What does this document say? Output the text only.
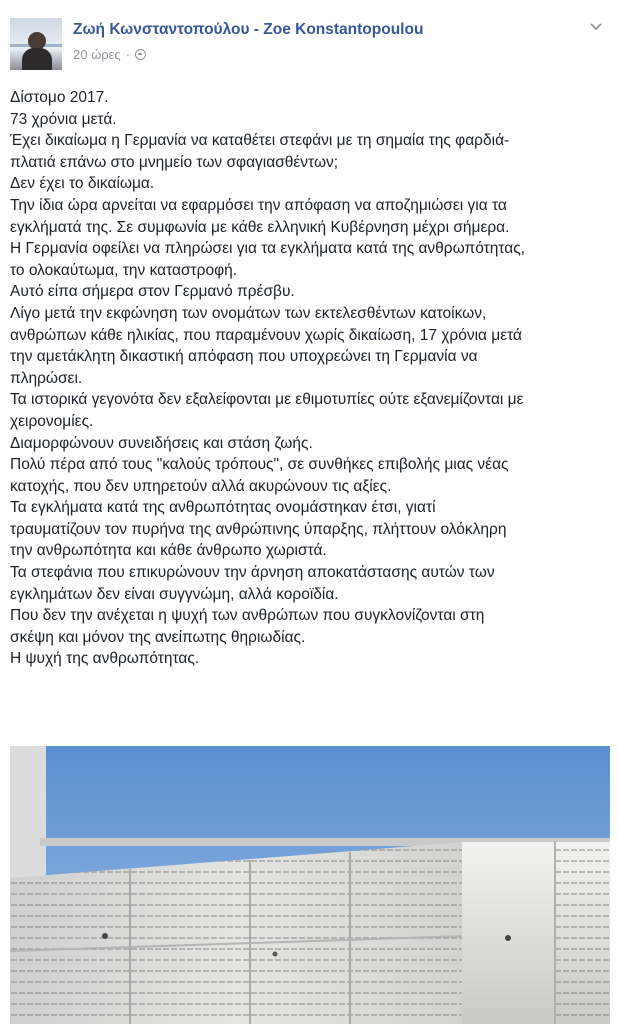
Ζωή Κωνσταντοπούλου - Zoe Konstantopoulou
20 ώρες ·

Δίστομο 2017.

73 χρόνια μετά.

Έχει δικαίωμα η Γερμανία να καταθέτει στεφάνι με τη σημαία της φαρδιά-

πλατιά επάνω στο μνημείο των σφαγιασθέντων;

Δεν έχει το δικαίωμα.

Την ίδια ώρα αρνείται να εφαρμόσει την απόφαση να αποζημιώσει για τα

εγκλήματά της. Σε συμφωνία με κάθε ελληνική Κυβέρνηση μέχρι σήμερα.

Η Γερμανία οφείλει να πληρώσει για τα εγκλήματα κατά της ανθρωπότητας,

το ολοκαύτωμα, την καταστροφή.

Αυτό είπα σήμερα στον Γερμανό πρέσβυ.

Λίγο μετά την εκφώνηση των ονομάτων των εκτελεσθέντων κατοίκων,

ανθρώπων κάθε ηλικίας, που παραμένουν χωρίς δικαίωση, 17 χρόνια μετά

την αμετάκλητη δικαστική απόφαση που υποχρεώνει τη Γερμανία να

πληρώσει.

Τα ιστορικά γεγονότα δεν εξαλείφονται με εθιμοτυπίες ούτε εξανεμίζονται με

χειρονομίες.

Διαμορφώνουν συνειδήσεις και στάση ζωής.

Πολύ πέρα από τους "καλούς τρόπους", σε συνθήκες επιβολής μιας νέας

κατοχής, που δεν υπηρετούν αλλά ακυρώνουν τις αξίες.

Τα εγκλήματα κατά της ανθρωπότητας ονομάστηκαν έτσι, γιατί

τραυματίζουν τον πυρήνα της ανθρώπινης ύπαρξης, πλήττουν ολόκληρη

την ανθρωπότητα και κάθε άνθρωπο χωριστά.

Τα στεφάνια που επικυρώνουν την άρνηση αποκατάστασης αυτών των

εγκλημάτων δεν είναι συγγνώμη, αλλά κοροϊδία.

Που δεν την ανέχεται η ψυχή των ανθρώπων που συγκλονίζονται στη

σκέψη και μόνον της ανείπωτης θηριωδίας.

Η ψυχή της ανθρωπότητας.
